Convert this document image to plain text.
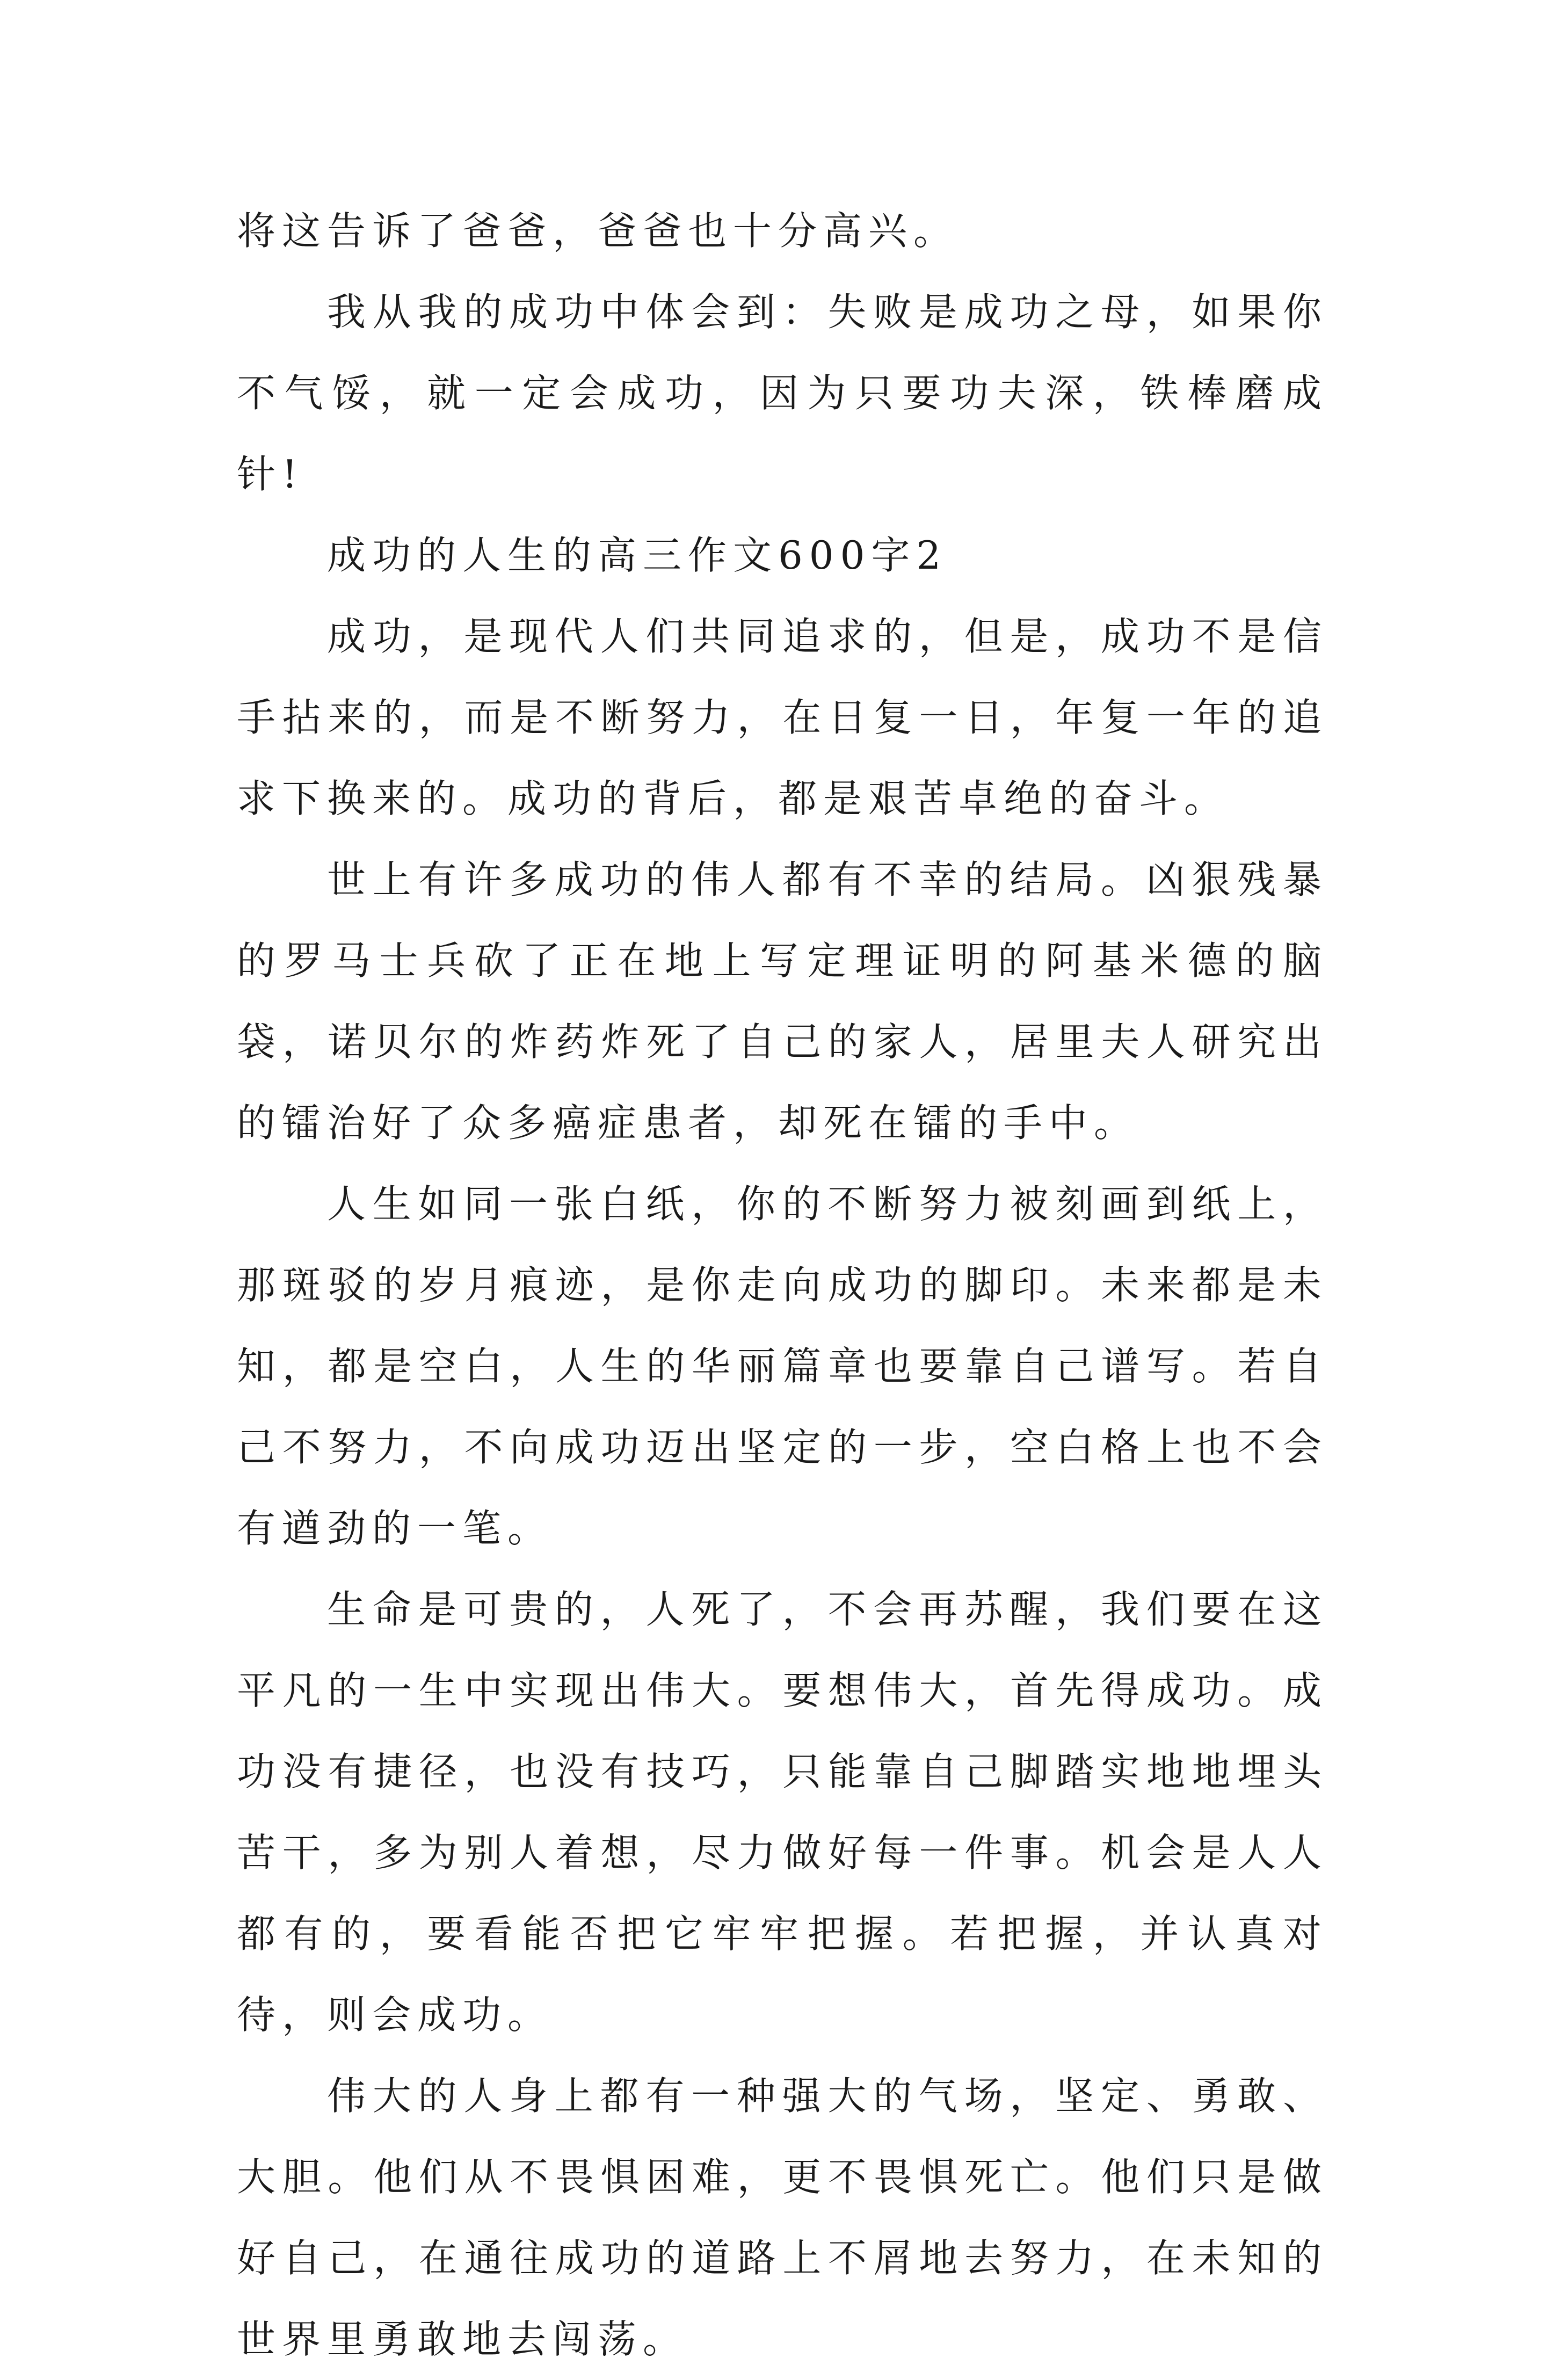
将这告诉了爸爸，爸爸也十分高兴。

我从我的成功中体会到：失败是成功之母，如果你不气馁，就一定会成功，因为只要功夫深，铁棒磨成针!

成功的人生的高三作文600字2

成功，是现代人们共同追求的，但是，成功不是信手拈来的，而是不断努力，在日复一日，年复一年的追求下换来的。成功的背后，都是艰苦卓绝的奋斗。

世上有许多成功的伟人都有不幸的结局。凶狠残暴的罗马士兵砍了正在地上写定理证明的阿基米德的脑袋，诺贝尔的炸药炸死了自己的家人，居里夫人研究出的镭治好了众多癌症患者，却死在镭的手中。

人生如同一张白纸，你的不断努力被刻画到纸上，那斑驳的岁月痕迹，是你走向成功的脚印。未来都是未知，都是空白，人生的华丽篇章也要靠自己谱写。若自己不努力，不向成功迈出坚定的一步，空白格上也不会有遒劲的一笔。

生命是可贵的，人死了，不会再苏醒，我们要在这平凡的一生中实现出伟大。要想伟大，首先得成功。成功没有捷径，也没有技巧，只能靠自己脚踏实地地埋头苦干，多为别人着想，尽力做好每一件事。机会是人人都有的，要看能否把它牢牢把握。若把握，并认真对待，则会成功。

伟大的人身上都有一种强大的气场，坚定、勇敢、大胆。他们从不畏惧困难，更不畏惧死亡。他们只是做好自己，在通往成功的道路上不屑地去努力，在未知的世界里勇敢地去闯荡。
